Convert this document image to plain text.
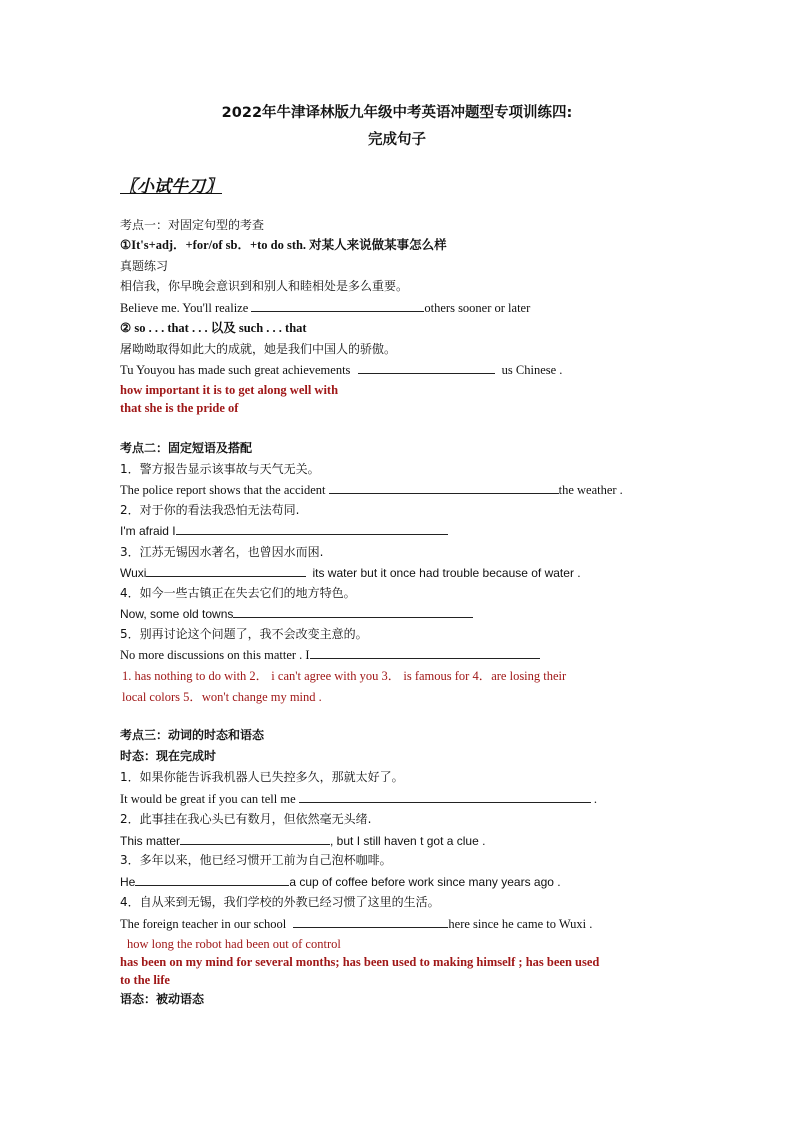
2022年牛津译林版九年级中考英语冲题型专项训练四:
完成句子
〖小试牛刀〗
考点一：对固定句型的考查
①It's+adj．+for/of sb．+to do sth. 对某人来说做某事怎么样
真题练习
相信我，你早晚会意识到和别人和睦相处是多么重要。
Believe me. You'll realize	others sooner or later
② so . . . that . . . 以及 such . . . that
屠呦呦取得如此大的成就，她是我们中国人的骄傲。
Tu Youyou has made such great achievements	us Chinese .
how important it is to get along well with
that she is the pride of
考点二：固定短语及搭配
1．警方报告显示该事故与天气无关。
The police report shows that the accident	the weather .
2．对于你的看法我恐怕无法苟同.
I'm afraid I
3．江苏无锡因水著名，也曾因水而困.
Wuxi	its water but it once had trouble because of water .
4．如今一些古镇正在失去它们的地方特色。
Now, some old towns
5．别再讨论这个问题了，我不会改变主意的。
No more discussions on this matter . I
1. has nothing to do with 2． i can't agree with you 3． is famous for 4．are losing their
local colors 5．won't change my mind .
考点三：动词的时态和语态
时态：现在完成时
1．如果你能告诉我机器人已失控多久，那就太好了。
It would be great if you can tell me	.
2．此事挂在我心头已有数月，但依然毫无头绪.
This matter	, but I still haven t got a clue .
3．多年以来，他已经习惯开工前为自己泡杯咖啡。
He	a cup of coffee before work since many years ago .
4．自从来到无锡，我们学校的外教已经习惯了这里的生活。
The foreign teacher in our school	here since he came to Wuxi .
how long the robot had been out of control
has been on my mind for several months; has been used to making himself ; has been used
to the life
语态：被动语态
